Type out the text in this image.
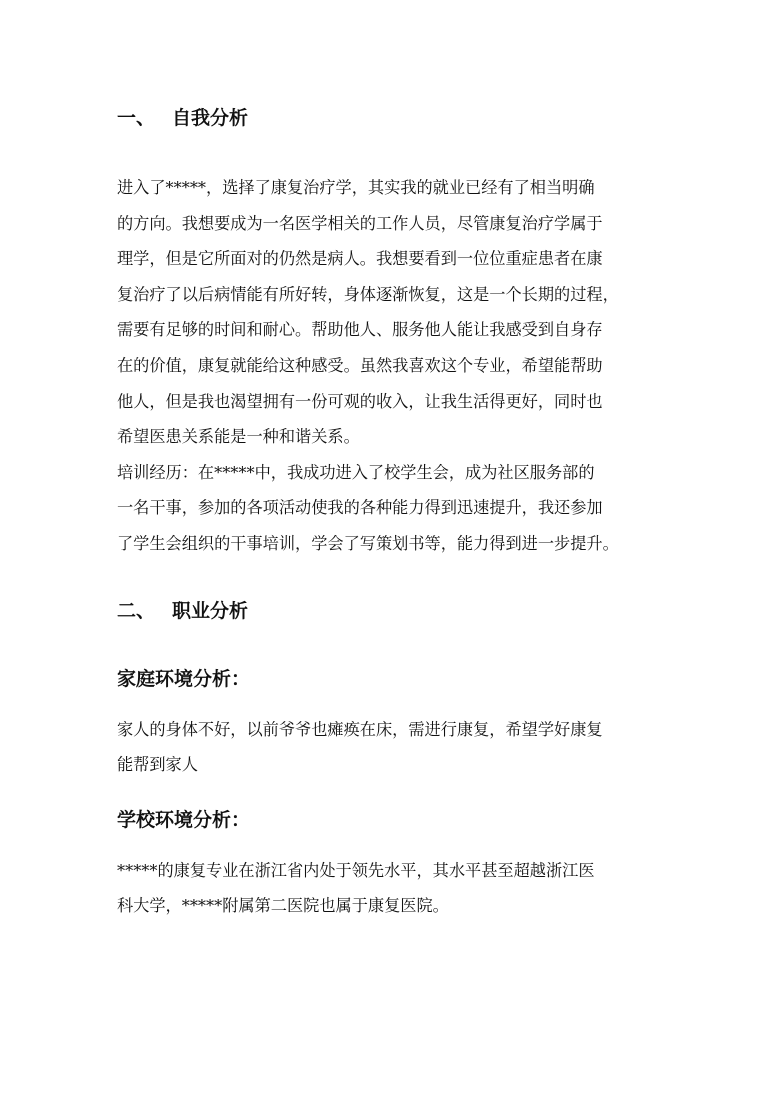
一、 自我分析
进入了*****，选择了康复治疗学，其实我的就业已经有了相当明确
的方向。我想要成为一名医学相关的工作人员，尽管康复治疗学属于
理学，但是它所面对的仍然是病人。我想要看到一位位重症患者在康
复治疗了以后病情能有所好转，身体逐渐恢复，这是一个长期的过程，
需要有足够的时间和耐心。帮助他人、服务他人能让我感受到自身存
在的价值，康复就能给这种感受。虽然我喜欢这个专业，希望能帮助
他人，但是我也渴望拥有一份可观的收入，让我生活得更好，同时也
希望医患关系能是一种和谐关系。
培训经历：在*****中，我成功进入了校学生会，成为社区服务部的
一名干事，参加的各项活动使我的各种能力得到迅速提升，我还参加
了学生会组织的干事培训，学会了写策划书等，能力得到进一步提升。
二、 职业分析
家庭环境分析：
家人的身体不好，以前爷爷也瘫痪在床，需进行康复，希望学好康复
能帮到家人
学校环境分析：
*****的康复专业在浙江省内处于领先水平，其水平甚至超越浙江医
科大学，*****附属第二医院也属于康复医院。
